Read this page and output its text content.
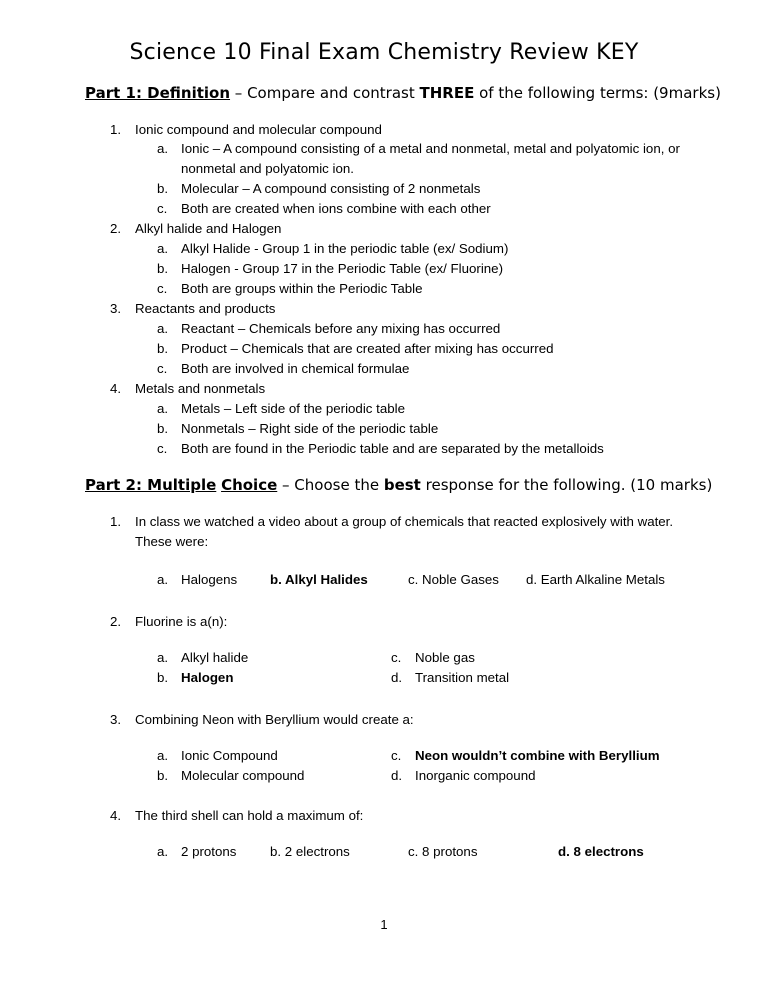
Science 10 Final Exam Chemistry Review KEY
Part 1: Definition – Compare and contrast THREE of the following terms: (9marks)
1. Ionic compound and molecular compound
a. Ionic – A compound consisting of a metal and nonmetal, metal and polyatomic ion, or
nonmetal and polyatomic ion.
b. Molecular – A compound consisting of 2 nonmetals
c. Both are created when ions combine with each other
2. Alkyl halide and Halogen
a. Alkyl Halide - Group 1 in the periodic table (ex/ Sodium)
b. Halogen - Group 17 in the Periodic Table (ex/ Fluorine)
c. Both are groups within the Periodic Table
3. Reactants and products
a. Reactant – Chemicals before any mixing has occurred
b. Product – Chemicals that are created after mixing has occurred
c. Both are involved in chemical formulae
4. Metals and nonmetals
a. Metals – Left side of the periodic table
b. Nonmetals – Right side of the periodic table
c. Both are found in the Periodic table and are separated by the metalloids
Part 2: Multiple Choice – Choose the best response for the following. (10 marks)
1. In class we watched a video about a group of chemicals that reacted explosively with water.
These were:
a. Halogens b. Alkyl Halides	c. Noble Gases d. Earth Alkaline Metals
2. Fluorine is a(n):
a. Alkyl halide
b. Halogen
c. Noble gas
d. Transition metal
3. Combining Neon with Beryllium would create a:
a. Ionic Compound
b. Molecular compound
c. Neon wouldn’t combine with Beryllium
d. Inorganic compound
4. The third shell can hold a maximum of:
a. 2 protons	b. 2 electrons	c. 8 protons	d. 8 electrons
1
